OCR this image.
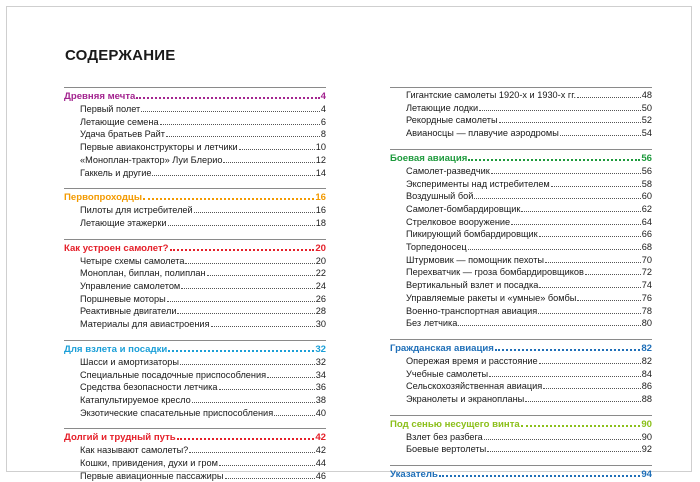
СОДЕРЖАНИЕ
Древняя мечта	4
Первый полет	4
Летающие семена	6
Удача братьев Райт	8
Первые авиаконструкторы и летчики	10
«Моноплан-трактор» Луи Блерио	12
Гаккель и другие	14
Первопроходцы	16
Пилоты для истребителей	16
Летающие этажерки	18
Как устроен самолет?	20
Четыре схемы самолета	20
Моноплан, биплан, полиплан	22
Управление самолетом	24
Поршневые моторы	26
Реактивные двигатели	28
Материалы для авиастроения	30
Для взлета и посадки	32
Шасси и амортизаторы	32
Специальные посадочные приспособления	34
Средства безопасности летчика	36
Катапультируемое кресло	38
Экзотические спасательные приспособления	40
Долгий и трудный путь	42
Как называют самолеты?	42
Кошки, привидения, духи и гром	44
Первые авиационные пассажиры	46
Гигантские самолеты 1920-х и 1930-х гг.	48
Летающие лодки	50
Рекордные самолеты	52
Авианосцы — плавучие аэродромы	54
Боевая авиация	56
Самолет-разведчик	56
Эксперименты над истребителем	58
Воздушный бой	60
Самолет-бомбардировщик	62
Стрелковое вооружение	64
Пикирующий бомбардировщик	66
Торпедоносец	68
Штурмовик — помощник пехоты	70
Перехватчик — гроза бомбардировщиков	72
Вертикальный взлет и посадка	74
Управляемые ракеты и «умные» бомбы	76
Военно-транспортная авиация	78
Без летчика	80
Гражданская авиация	82
Опережая время и расстояние	82
Учебные самолеты	84
Сельскохозяйственная авиация	86
Экранолеты и экранопланы	88
Под сенью несущего винта	90
Взлет без разбега	90
Боевые вертолеты	92
Указатель	94
